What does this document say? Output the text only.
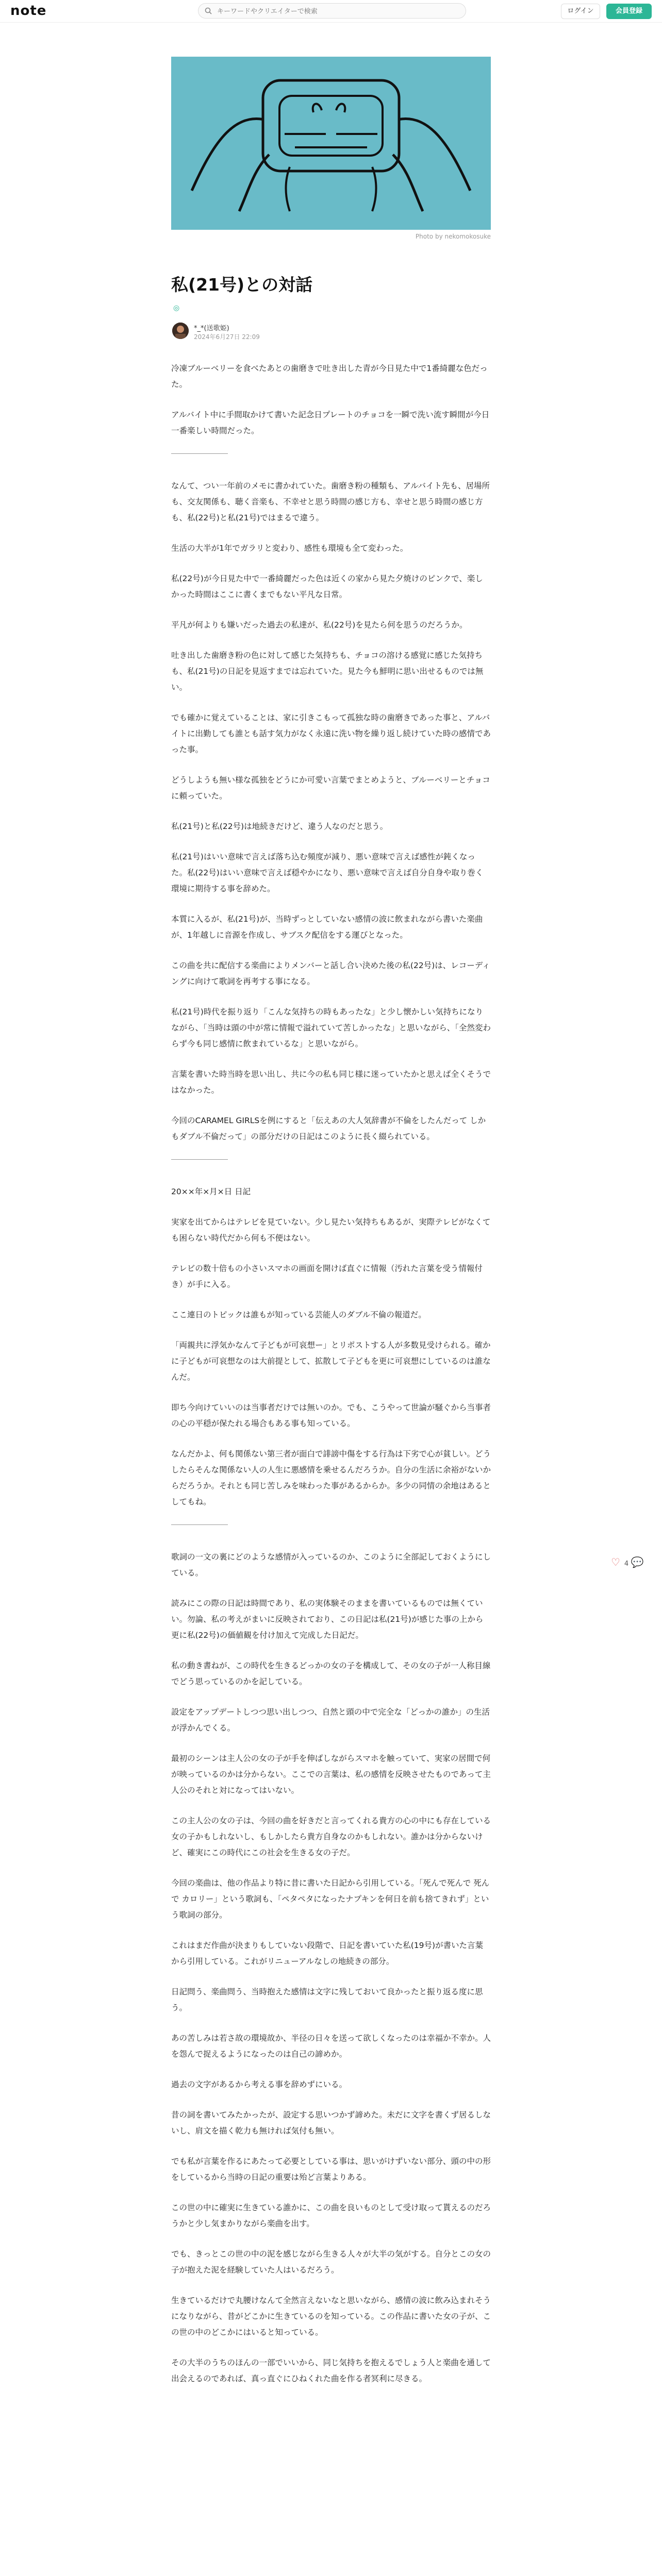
note
キーワードやクリエイターで検索	ログイン	会員登録
Photo by nekomokosuke
私(21号)との対話
◎
*_*(送歌姫)
2024年6月27日 22:09

冷凍ブルーベリーを食べたあとの歯磨きで吐き出した青が今日見た中で1番綺麗な色だった。

アルバイト中に手間取かけて書いた記念日プレートのチョコを一瞬で洗い流す瞬間が今日一番楽しい時間だった。

なんて、つい一年前のメモに書かれていた。歯磨き粉の種類も、アルバイト先も、居場所も、交友関係も、聴く音楽も、不幸せと思う時間の感じ方も、幸せと思う時間の感じ方も、私(22号)と私(21号)ではまるで違う。

生活の大半が1年でガラリと変わり、感性も環境も全て変わった。

私(22号)が今日見た中で一番綺麗だった色は近くの家から見た夕焼けのピンクで、楽しかった時間はここに書くまでもない平凡な日常。

平凡が何よりも嫌いだった過去の私達が、私(22号)を見たら何を思うのだろうか。

吐き出した歯磨き粉の色に対して感じた気持ちも、チョコの溶ける感覚に感じた気持ちも、私(21号)の日記を見返すまでは忘れていた。見た今も鮮明に思い出せるものでは無い。

でも確かに覚えていることは、家に引きこもって孤独な時の歯磨きであった事と、アルバイトに出勤しても誰とも話す気力がなく永遠に洗い物を繰り返し続けていた時の感情であった事。

どうしようも無い様な孤独をどうにか可愛い言葉でまとめようと、ブルーベリーとチョコに頼っていた。

私(21号)と私(22号)は地続きだけど、違う人なのだと思う。

私(21号)はいい意味で言えば落ち込む頻度が減り、悪い意味で言えば感性が鈍くなった。私(22号)はいい意味で言えば穏やかになり、悪い意味で言えば自分自身や取り巻く環境に期待する事を辞めた。

本質に入るが、私(21号)が、当時ずっとしていない感情の波に飲まれながら書いた楽曲が、1年越しに音源を作成し、サブスク配信をする運びとなった。

この曲を共に配信する楽曲によりメンバーと話し合い決めた後の私(22号)は、レコーディングに向けて歌詞を再考する事になる。

私(21号)時代を振り返り「こんな気持ちの時もあったな」と少し懐かしい気持ちになりながら、「当時は頭の中が常に情報で溢れていて苦しかったな」と思いながら、「全然変わらず今も同じ感情に飲まれているな」と思いながら。

言葉を書いた時当時を思い出し、共に今の私も同じ様に迷っていたかと思えば全くそうではなかった。

今回のCARAMEL GIRLSを例にすると「伝えあの大人気辞書が不倫をしたんだって しかもダブル不倫だって」の部分だけの日記はこのように長く綴られている。

20××年×月×日 日記

実家を出てからはテレビを見ていない。少し見たい気持ちもあるが、実際テレビがなくても困らない時代だから何も不便はない。

テレビの数十倍もの小さいスマホの画面を開けば直ぐに情報（汚れた言葉を受う情報付き）が手に入る。

ここ連日のトピックは誰もが知っている芸能人のダブル不倫の報道だ。

「両親共に浮気かなんて子どもが可哀想ー」とリポストする人が多数見受けられる。確かに子どもが可哀想なのは大前提として、拡散して子どもを更に可哀想にしているのは誰なんだ。

即ち今向けていいのは当事者だけでは無いのか。でも、こうやって世論が騒ぐから当事者の心の平穏が保たれる場合もある事も知っている。

なんだかよ、何も関係ない第三者が面白で誹謗中傷をする行為は下劣で心が貧しい。どうしたらそんな関係ない人の人生に悪感情を乗せるんだろうか。自分の生活に余裕がないからだろうか。それとも同じ苦しみを味わった事があるからか。多少の同情の余地はあるとしてもね。

歌詞の一文の裏にどのような感情が入っているのか、このように全部記しておくようにしている。

読みにこの際の日記は時間であり、私の実体験そのままを書いているものでは無くていい。勿論、私の考えがまいに反映されており、この日記は私(21号)が感じた事の上から更に私(22号)の価値観を付け加えて完成した日記だ。

私の動き書ねが、この時代を生きるどっかの女の子を構成して、その女の子が一人称目線でどう思っているのかを記している。

設定をアップデートしつつ思い出しつつ、自然と頭の中で完全な「どっかの誰か」の生活が浮かんでくる。

最初のシーンは主人公の女の子が手を伸ばしながらスマホを触っていて、実家の居間で何が映っているのかは分からない。ここでの言葉は、私の感情を反映させたものであって主人公のそれと対になってはいない。

この主人公の女の子は、今回の曲を好きだと言ってくれる貴方の心の中にも存在している女の子かもしれないし、もしかしたら貴方自身なのかもしれない。誰かは分からないけど、確実にこの時代にこの社会を生きる女の子だ。

今回の楽曲は、他の作品より特に昔に書いた日記から引用している。「死んで死んで 死んで カロリー」という歌詞も、「ペタペタになったナプキンを何日を前も捨てきれず」という歌詞の部分。

これはまだ作曲が決まりもしていない段階で、日記を書いていた私(19号)が書いた言葉から引用している。これがリニューアルなしの地続きの部分。

日記問う、楽曲問う、当時抱えた感情は文字に残しておいて良かったと振り返る度に思う。

あの苦しみは若さ故の環境故か、半径の日々を送って欲しくなったのは幸福か不幸か。人を怨んで捉えるようになったのは自己の諦めか。

過去の文字があるから考える事を辞めずにいる。

昔の詞を書いてみたかったが、設定する思いつかず諦めた。未だに文字を書くず居るしないし、肩文を描く乾力も無ければ気付も無い。

でも私が言葉を作るにあたって必要としている事は、思いがけずいない部分、頭の中の形をしているから当時の日記の重要は殆ど言葉よりある。

この世の中に確実に生きている誰かに、この曲を良いものとして受け取って貰えるのだろうかと少し気まかりながら楽曲を出す。

でも、きっとこの世の中の泥を感じながら生きる人々が大半の気がする。自分とこの女の子が抱えた泥を経験していた人はいるだろう。

生きているだけで丸腰けなんて全然言えないなと思いながら、感情の波に飲み込まれそうになりながら、昔がどこかに生きているのを知っている。この作品に書いた女の子が、この世の中のどこかにはいると知っている。

その大半のうちのほんの一部でいいから、同じ気持ちを抱えるでしょう人と楽曲を通して出会えるのであれば、真っ直ぐにひねくれた曲を作る者冥利に尽きる。

♡ 4 💬
